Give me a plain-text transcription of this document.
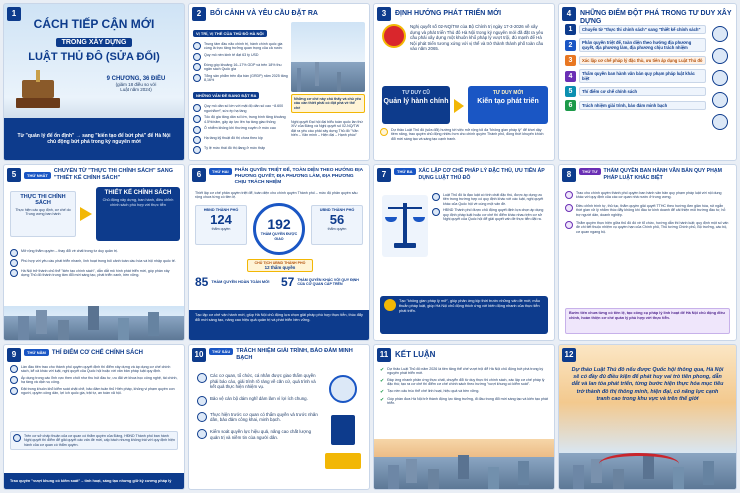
1
CÁCH TIẾP CẬN MỚI
TRONG XÂY DỰNG
LUẬT THỦ ĐÔ (SỬA ĐỔI)
9 CHƯƠNG, 36 ĐIỀU
(giảm 18 điều so với
Luật năm 2024)
Từ "quản lý để ổn định" → sang "kiến tạo để bứt phá" để Hà Nội chủ động bứt phá trong kỷ nguyên mới
2	BỐI CẢNH VÀ YÊU CẦU ĐẶT RA
VỊ TRÍ, VỊ THẾ CỦA THỦ ĐÔ HÀ NỘI
Trung tâm đầu não chính trị, hành chính quốc gia cùng là trực tăng trưởng quan trọng của cả nước
Quy mô nền kinh tế đạt 63 tỷ USD
Đóng góp khoảng 16–17% GDP và trên 18% thu ngân sách Quốc gia
Tổng sản phẩm trên địa bàn (GRDP) năm 2025 tăng 8,16%
NHỮNG VẤN ĐỀ ĐANG ĐẶT RA
Quy mô dân số lớn với mật độ dân số cao ~8.600 người/km², sức ép hạ tầng
Tốc độ gia tăng dân số lớn, trung bình tăng khoảng 4.5%/năm, gây áp lực lên hạ tầng giao thông
Ô nhiễm không khí thường xuyên ở mức cao
Hạ tầng kỹ thuật đô thị chưa theo kịp
Tỷ lệ mức thái đô thị đang ở mức thấp
Những cơ chế này chủ thẩy và chủ yêu cầu cần thiết phải có đột phá về thể chế
Nghị quyết Đại hội đại biểu toàn quốc lần thứ XIV của Đảng và Nghị quyết số 02-NQ/TW đặt ra yêu cầu phải xây dựng Thủ đô "Văn hiến – Văn minh – Hiện đại – Hạnh phúc"
3	ĐỊNH HƯỚNG PHÁT TRIỂN MỚI
Nghị quyết số 02-NQ/TW của Bộ Chính trị ngày 17-3-2026 về xây dựng và phát triển Thủ đô Hà Nội trong kỷ nguyên mới đã đặt ra yêu cầu phải xây dựng một khuôn khổ pháp lý vượt trội, đủ mạnh để Hà Nội phát triển tương xứng với vị thế và trở thành thành phố toàn cầu vào năm 2065.
TƯ DUY CŨ
Quản lý hành chính
TƯ DUY MỚI
Kiến tạo phát triển
Dự thảo Luật Thủ đô (sửa đổi) hướng tới việc mở rộng tối đa "không gian pháp lý" để khơi dậy tiềm năng, trao quyền chủ động nhiều hơn cho chính quyền Thành phố, đồng thời khuyến khích đổi mới sáng tạo và sáng tạo cạnh tranh.
4	NHỮNG ĐIỂM ĐỘT PHÁ TRONG TƯ DUY XÂY DỰNG
1	Chuyển từ "thực thi chính sách" sang "thiết kế chính sách"
2	Phân quyền triệt để, toàn diện theo hướng địa phương quyết, địa phương làm, địa phương chịu trách nhiệm
3	Xác lập cơ chế pháp lý đặc thù, ưu tiên áp dụng Luật Thủ đô
4	Thẩm quyền ban hành văn bản quy phạm pháp luật khác biệt
5	Thí điểm cơ chế chính sách
6	Trách nhiệm giải trình, bảo đảm minh bạch
5	THỨ NHẤT
CHUYỂN TỪ "THỰC THI CHÍNH SÁCH" SANG "THIẾT KẾ CHÍNH SÁCH"
THỰC THI CHÍNH SÁCH
Thực hiện các quy định, cơ chế do Trung ương ban hành
THIẾT KẾ CHÍNH SÁCH
Chủ động xây dựng, ban hành, điều chỉnh chính sách phù hợp với thực tiễn
Mở rộng thẩm quyền – thay đổi về chất trong tư duy quản trị.
Phù hợp với yêu cầu phát triển nhanh, linh hoạt trong bối cảnh toàn cầu hóa và hội nhập quốc tế.
Hà Nội trở thành chủ thể "kiến tạo chính sách", dẫn dắt mô hình phát triển mới, góp phần xây dựng Thủ đô thành trung tâm đổi mới sáng tạo, phát triển xanh, bền vững.
6	THỨ HAI	PHÂN QUYỀN TRIỆT ĐỂ, TOÀN DIỆN THEO HƯỚNG ĐỊA PHƯƠNG QUYẾT, ĐỊA PHƯƠNG LÀM, ĐỊA PHƯƠNG CHỊU TRÁCH NHIỆM
Thiết lập cơ chế phân quyền triệt để, toàn diện cho chính quyền Thành phố – mức độ phân quyền sâu rộng chưa từng có tiền lệ.
HĐND THÀNH PHỐ
124
thẩm quyền	192
THẨM QUYỀN ĐƯỢC GIAO
UBND THÀNH PHỐ
56
thẩm quyền
CHỦ TỊCH UBND THÀNH PHỐ
12 thẩm quyền
85 THẨM QUYỀN HOÀN TOÀN MỚI 57 THẨM QUYỀN KHÁC VỚI QUY ĐỊNH CỦA CƠ QUAN CẤP TRÊN
Tạo lập cơ chế vận hành mới, giúp Hà Nội chủ động lựa chọn giải pháp phù hợp thực tiễn, thúc đẩy đổi mới sáng tạo, nâng cao hiệu quả quản trị và phát triển bền vững.
7	THỨ BA	XÁC LẬP CƠ CHẾ PHÁP LÝ ĐẶC THÙ, ƯU TIÊN ÁP DỤNG LUẬT THỦ ĐÔ
Luật Thủ đô là đạo luật có tính chất đặc thù, được áp dụng ưu tiên trong trường hợp có quy định khác với các luật, nghị quyết khác của Quốc hội về cùng một vấn đề.
HĐND Thành phố được chủ động quyết định lựa chọn áp dụng quy định pháp luật hoặc cơ chế thí điểm khác nhau trên cơ sở Nghị quyết của Quốc hội để giải quyết vấn đề thực tiễn đặt ra.
Tạo "không gian pháp lý mở", giúp phản ứng kịp thời trước những vấn đề mới, mẫu thuẫn pháp luật, giúp Hà Nội chủ động thích ứng với biến động nhanh của thực tiễn phát triển.
8	THỨ TƯ	THẨM QUYỀN BAN HÀNH VĂN BẢN QUY PHẠM PHÁP LUẬT KHÁC BIỆT
Trao cho chính quyền thành phố quyền ban hành văn bản quy phạm pháp luật với nội dung khác với quy định của các cơ quan nhà nước ở trung ương.
Điều chỉnh trình tự, thủ tục, thẩm quyền giải quyết TTHC theo hướng đơn giản hóa, rút ngắn thời gian xử lý nhằm thúc đẩy không khí đầu tư kinh doanh để cải thiện môi trường đầu tư, hỗ trợ người dân, doanh nghiệp.
Thẩm quyền thực hiện giữa thủ đô đó về tổ chức, hướng dẫn thi hành luật; quy định một số vấn đề chi tiết thuộc nhiệm vụ quyền hạn của Chính phủ, Thủ tướng Chính phủ, Bộ trưởng, các bộ, cơ quan ngang bộ.
Bước tiến chưa từng có tiền lệ, tạo công cụ pháp lý linh hoạt để Hà Nội chủ động điều chỉnh, hoàn thiện cơ chế quản lý phù hợp với thực tiễn.
9	THỨ NĂM	THÍ ĐIỂM CƠ CHẾ CHÍNH SÁCH
Lần đầu tiên trao cho thành phố quyền quyết định thí điểm xây dựng và áp dụng cơ chế chính sách, kể cả khác với luật, nghị quyết của Quốc hội hoặc với văn bản pháp luật quy định.
Áp dụng trong các lĩnh vực then chốt như thu hút đầu tư, ưu đãi về khoa học công nghệ, tài chính, hạ tầng và dịch vụ công.
Đặt trong khuôn khổ kiểm soát chặt chẽ, bảo đảm tuân thủ Hiến pháp, không vi phạm quyền con người, quyền công dân, lợi ích quốc gia, trật tự, an toàn xã hội.
Trên cơ sở chấp thuận của cơ quan có thẩm quyền của Đảng, HĐND Thành phố ban hành Nghị quyết thí điểm để giải quyết các vấn đề mới, cấp bách nhưng không trái với quy định hiện hành của cơ quan có thẩm quyền.
Trao quyền "vượt khung có kiểm soát" – tính hoạt, sáng tạo nhưng giữ kỷ cương pháp lý
10	THỨ SÁU	TRÁCH NHIỆM GIẢI TRÌNH, BẢO ĐẢM MINH BẠCH
Các cơ quan, tổ chức, cá nhân được giao thẩm quyền phải báo cáo, giải trình rõ ràng về căn cứ, quá trình và kết quả thực hiện nhiệm vụ.
Bảo vệ cán bộ dám nghĩ dám làm vì lợi ích chung.
Thực hiện trước cơ quan có thẩm quyền và trước nhân dân, bảo đảm công khai, minh bạch.
Kiểm soát quyền lực hiệu quả, nâng cao chất lượng quản trị và niềm tin của người dân.
11 KẾT LUẬN
✔ Dự thảo Luật Thủ đô năm 2026 là tiền tăng thể chế vượt trội để Hà Nội chủ động bứt phá trong kỷ nguyên phát triển mới.
✔ Đáp ứng nhanh phản ứng thực chất, chuyển đổi từ duy thực thi chính sách, xác lập cơ chế pháp lý đặc thù; tạo ra cơ chế thí điểm cơ chế chính sách theo hướng "vượt khung có kiểm soát".
✔ Tạo nền cấu trúc thể chế linh hoạt, hiệu quả và bền vững.
✔ Góp phần đưa Hà Nội trở thành động lực tăng trưởng, đi đầu trong đổi mới sáng tạo và kiến tạo phát triển.
12
Dự thảo Luật Thủ đô nếu được Quốc hội thông qua, Hà Nội sẽ có đầy đủ điều kiện để phát huy vai trò tiên phong, dẫn dắt và lan tỏa phát triển, từng bước hiện thực hóa mục tiêu trở thành đô thị thông minh, hiện đại, có năng lực cạnh tranh cao trong khu vực và trên thế giới
